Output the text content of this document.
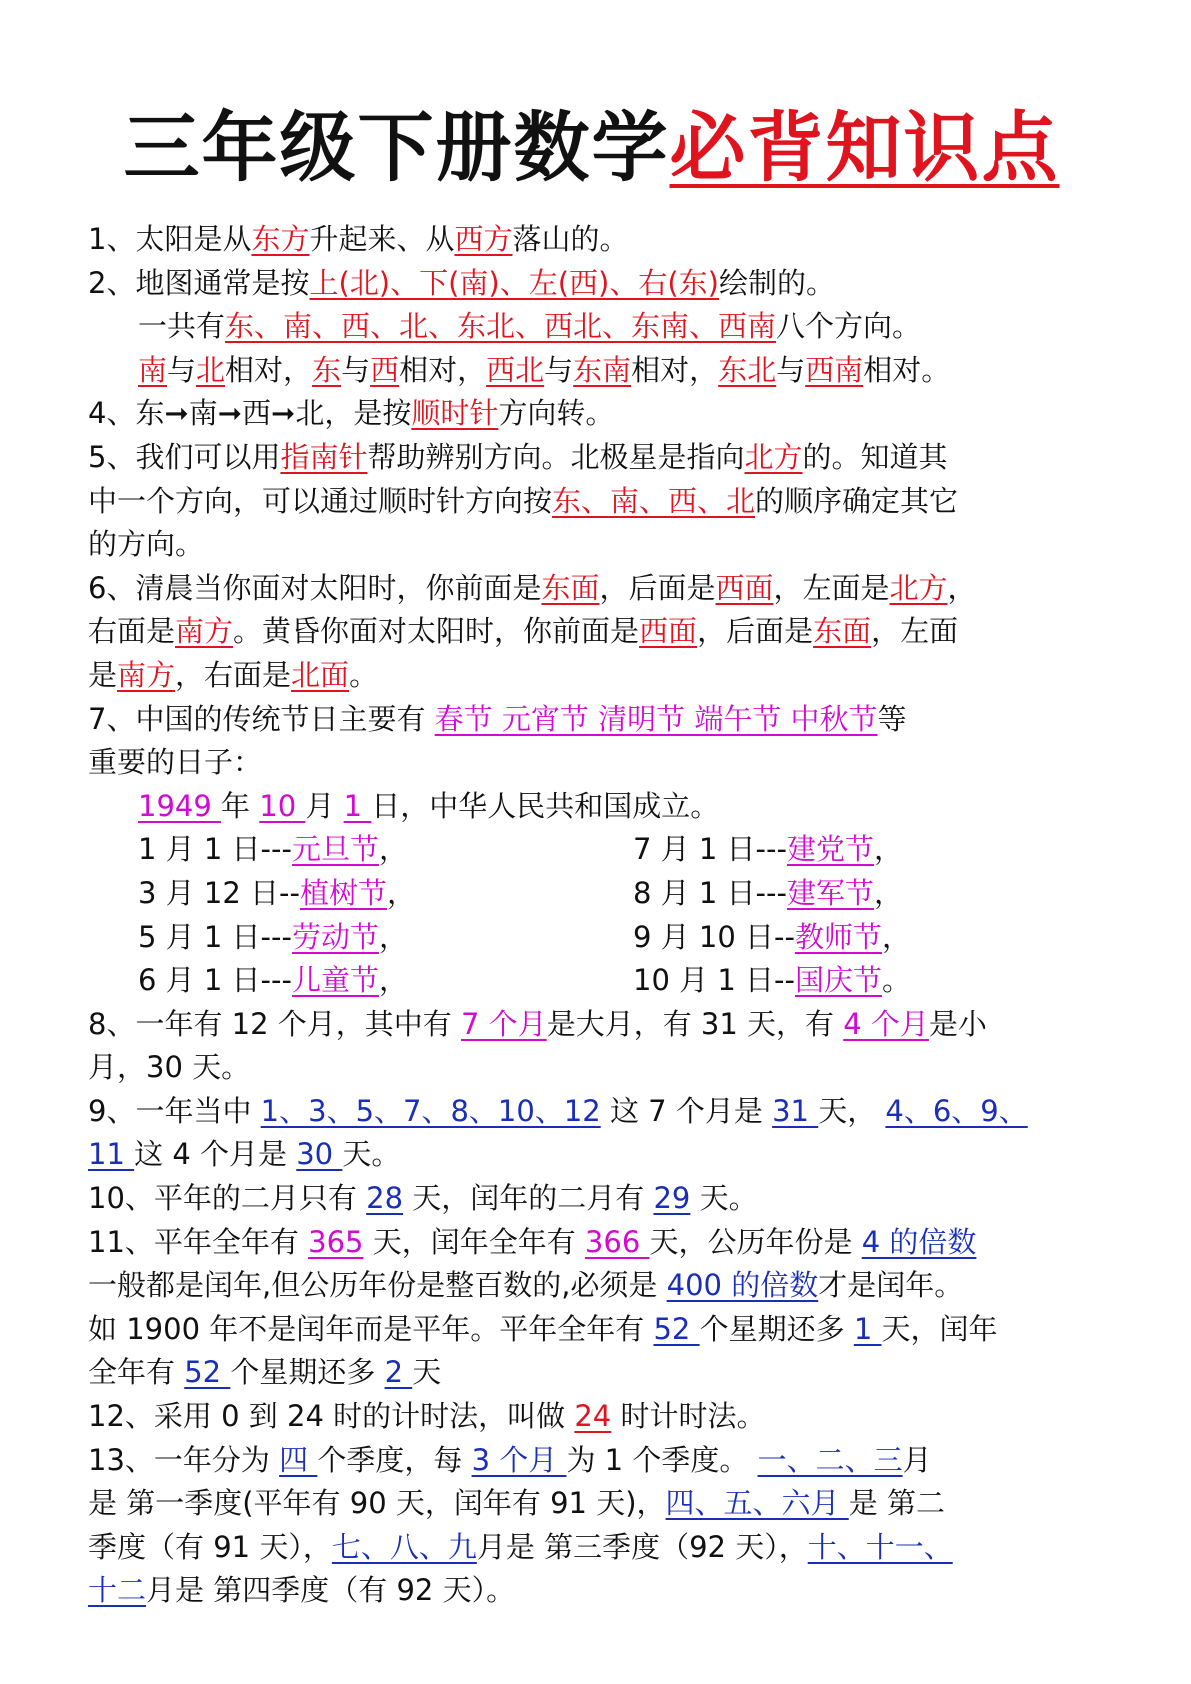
三年级下册数学必背知识点

1、太阳是从东方升起来、从西方落山的。

2、地图通常是按上(北)、下(南)、左(西)、右(东)绘制的。

一共有东、南、西、北、东北、西北、东南、西南八个方向。

南与北相对，东与西相对，西北与东南相对，东北与西南相对。

4、东➞南➞西➞北，是按顺时针方向转。

5、我们可以用指南针帮助辨别方向。北极星是指向北方的。知道其

中一个方向，可以通过顺时针方向按东、南、西、北的顺序确定其它

的方向。

6、清晨当你面对太阳时，你前面是东面，后面是西面，左面是北方，

右面是南方。黄昏你面对太阳时，你前面是西面，后面是东面，左面

是南方，右面是北面。

7、中国的传统节日主要有 春节 元宵节 清明节 端午节 中秋节等

重要的日子：

1949 年 10 月 1 日，中华人民共和国成立。

1 月 1 日---元旦节，	7 月 1 日---建党节，

3 月 12 日--植树节，	8 月 1 日---建军节，

5 月 1 日---劳动节，	9 月 10 日--教师节，

6 月 1 日---儿童节，	10 月 1 日--国庆节。

8、一年有 12 个月，其中有 7 个月是大月，有 31 天，有 4 个月是小

月，30 天。

9、一年当中 1、3、5、7、8、10、12 这 7 个月是 31 天， 4、6、9、

11 这 4 个月是 30 天。

10、平年的二月只有 28 天，闰年的二月有 29 天。

11、平年全年有 365 天，闰年全年有 366 天，公历年份是 4 的倍数

一般都是闰年,但公历年份是整百数的,必须是 400 的倍数才是闰年。

如 1900 年不是闰年而是平年。平年全年有 52 个星期还多 1 天，闰年

全年有 52 个星期还多 2 天

12、采用 0 到 24 时的计时法，叫做 24 时计时法。

13、一年分为 四 个季度，每 3 个月 为 1 个季度。 一、二、三月

是 第一季度(平年有 90 天，闰年有 91 天)，四、五、六月 是 第二

季度（有 91 天），七、八、九月是 第三季度（92 天），十、十一、

十二月是 第四季度（有 92 天）。
